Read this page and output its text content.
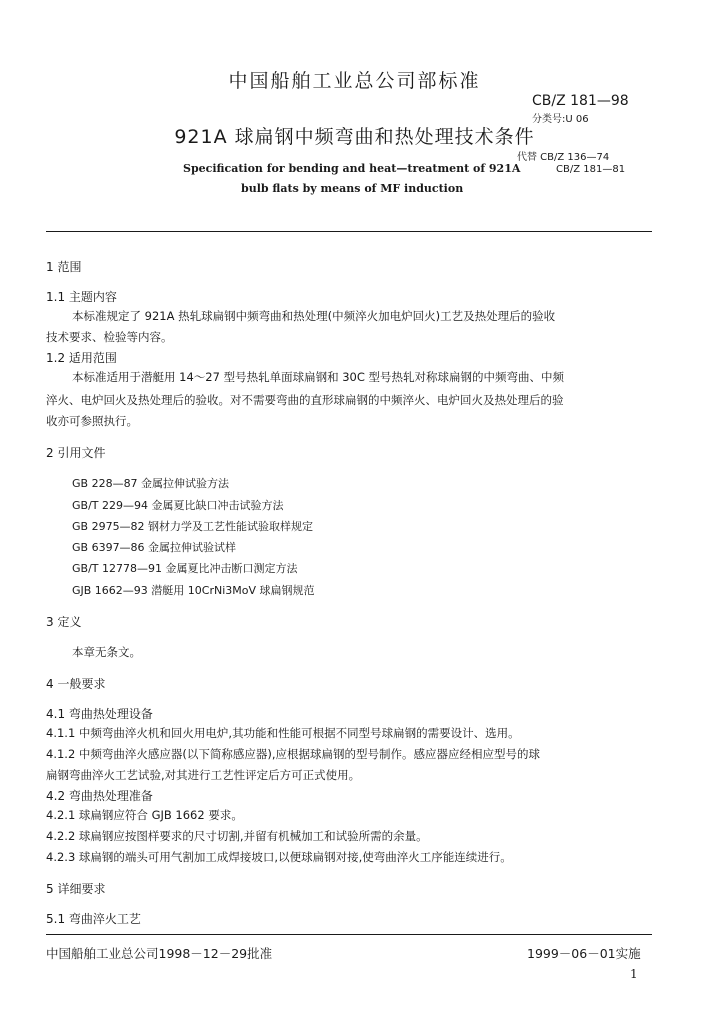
中国船舶工业总公司部标准
CB/Z 181—98
分类号:U 06
921A 球扁钢中频弯曲和热处理技术条件
代替 CB/Z 136—74
CB/Z 181—81
Specification for bending and heat—treatment of 921A
bulb flats by means of MF induction
1 范围
1.1 主题内容
本标准规定了 921A 热轧球扁钢中频弯曲和热处理(中频淬火加电炉回火)工艺及热处理后的验收
技术要求、检验等内容。
1.2 适用范围
本标准适用于潜艇用 14～27 型号热轧单面球扁钢和 30C 型号热轧对称球扁钢的中频弯曲、中频
淬火、电炉回火及热处理后的验收。对不需要弯曲的直形球扁钢的中频淬火、电炉回火及热处理后的验
收亦可参照执行。
2 引用文件
GB 228—87 金属拉伸试验方法
GB/T 229—94 金属夏比缺口冲击试验方法
GB 2975—82 钢材力学及工艺性能试验取样规定
GB 6397—86 金属拉伸试验试样
GB/T 12778—91 金属夏比冲击断口测定方法
GJB 1662—93 潜艇用 10CrNi3MoV 球扁钢规范
3 定义
本章无条文。
4 一般要求
4.1 弯曲热处理设备
4.1.1 中频弯曲淬火机和回火用电炉,其功能和性能可根据不同型号球扁钢的需要设计、选用。
4.1.2 中频弯曲淬火感应器(以下简称感应器),应根据球扁钢的型号制作。感应器应经相应型号的球
扁钢弯曲淬火工艺试验,对其进行工艺性评定后方可正式使用。
4.2 弯曲热处理准备
4.2.1 球扁钢应符合 GJB 1662 要求。
4.2.2 球扁钢应按图样要求的尺寸切割,并留有机械加工和试验所需的余量。
4.2.3 球扁钢的端头可用气割加工成焊接坡口,以便球扁钢对接,使弯曲淬火工序能连续进行。
5 详细要求
5.1 弯曲淬火工艺
中国船舶工业总公司1998－12－29批准	1999－06－01实施
1
